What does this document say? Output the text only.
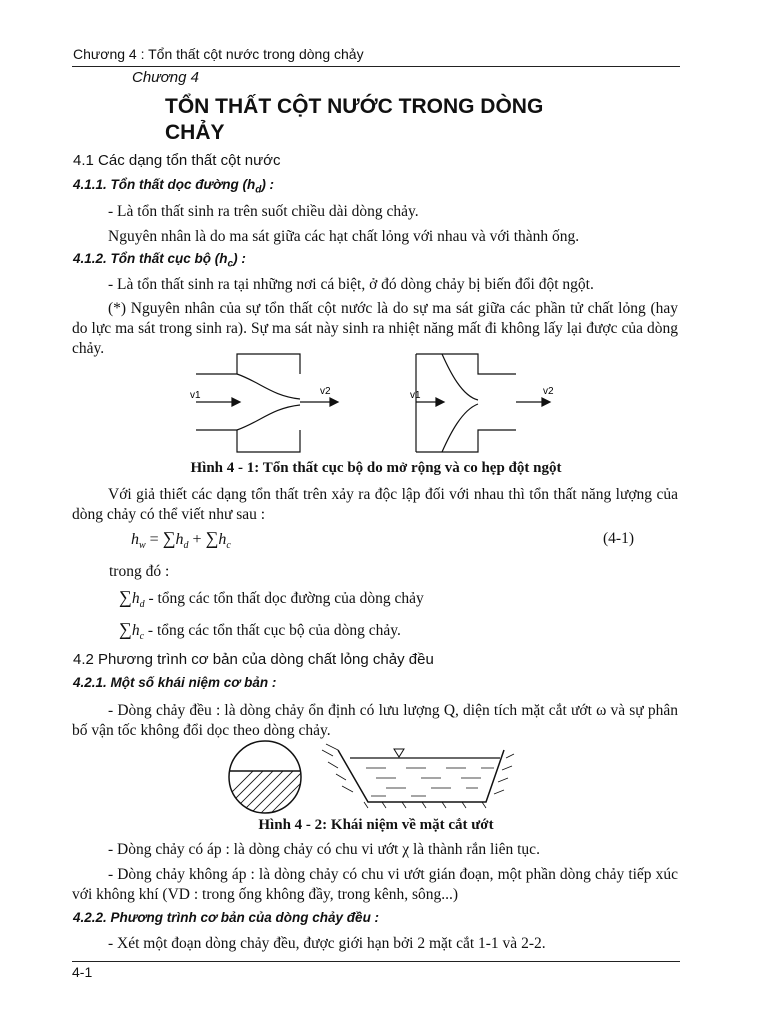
Chương 4 : Tổn thất cột nước trong dòng chảy
Chương 4
TỔN THẤT CỘT NƯỚC TRONG DÒNG
CHẢY
4.1 Các dạng tổn thất cột nước
4.1.1. Tổn thất dọc đường $(h_d)$ :
- Là tổn thất sinh ra trên suốt chiều dài dòng chảy.
Nguyên nhân là do ma sát giữa các hạt chất lỏng với nhau và với thành ống.
4.1.2. Tổn thất cục bộ $(h_c)$ :
- Là tổn thất sinh ra tại những nơi cá biệt, ở đó dòng chảy bị biến đổi đột ngột.
(*) Nguyên nhân của sự tổn thất cột nước là do sự ma sát giữa các phần tử chất lỏng (hay do lực ma sát trong sinh ra). Sự ma sát này sinh ra nhiệt năng mất đi không lấy lại được của dòng chảy.
v1	v2	v1	v2
Hình 4 - 1: Tổn thất cục bộ do mở rộng và co hẹp đột ngột
Với giả thiết các dạng tổn thất trên xảy ra độc lập đối với nhau thì tổn thất năng lượng của dòng chảy có thể viết như sau :
$h_w = \sum h_d + \sum h_c$	(4-1)
trong đó :
$\sum h_d$ - tổng các tổn thất dọc đường của dòng chảy
$\sum h_c$ - tổng các tổn thất cục bộ của dòng chảy.
4.2 Phương trình cơ bản của dòng chất lỏng chảy đều
4.2.1. Một số khái niệm cơ bản :
- Dòng chảy đều : là dòng chảy ổn định có lưu lượng Q, diện tích mặt cắt ướt ω và sự phân bố vận tốc không đổi dọc theo dòng chảy.
Hình 4 - 2: Khái niệm về mặt cắt ướt
- Dòng chảy có áp : là dòng chảy có chu vi ướt χ là thành rắn liên tục.
- Dòng chảy không áp : là dòng chảy có chu vi ướt gián đoạn, một phần dòng chảy tiếp xúc với không khí (VD : trong ống không đầy, trong kênh, sông...)
4.2.2. Phương trình cơ bản của dòng chảy đều :
- Xét một đoạn dòng chảy đều, được giới hạn bởi 2 mặt cắt 1-1 và 2-2.
4-1
